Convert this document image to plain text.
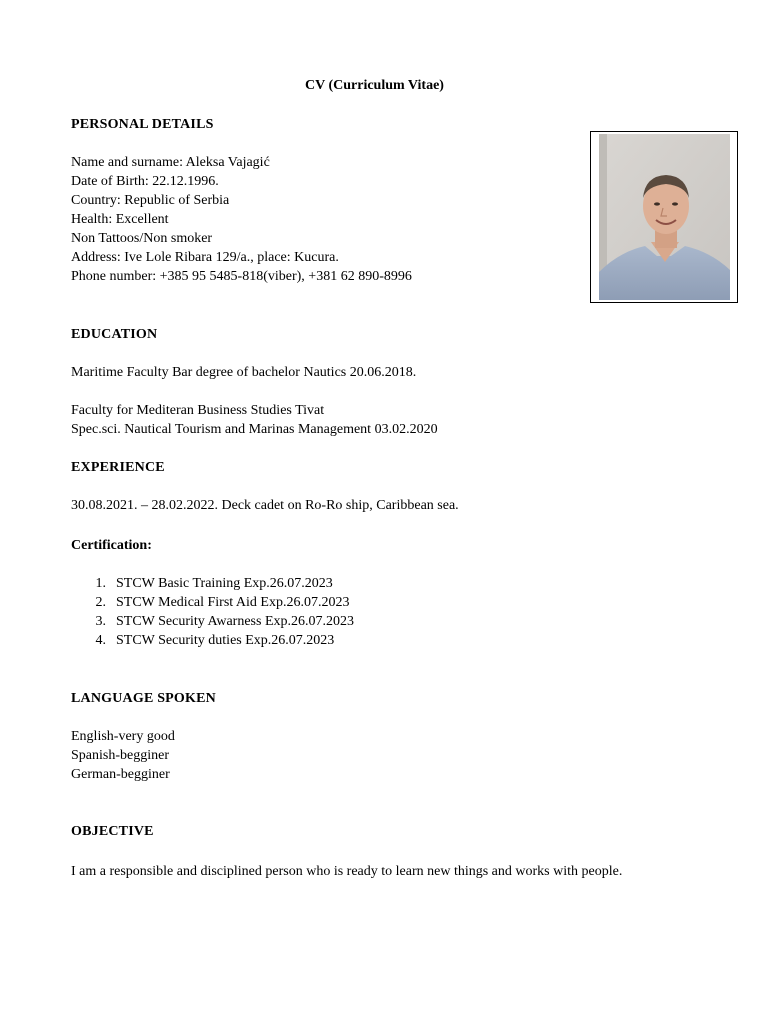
CV (Curriculum Vitae)
PERSONAL DETAILS
Name and surname: Aleksa Vajagić
Date of Birth: 22.12.1996.
Country: Republic of Serbia
Health: Excellent
Non Tattoos/Non smoker
Address: Ive Lole Ribara 129/a., place: Kucura.
Phone number: +385 95 5485-818(viber), +381 62 890-8996
EDUCATION
Maritime Faculty Bar degree of bachelor Nautics 20.06.2018.
Faculty for Mediteran Business Studies Tivat
Spec.sci. Nautical Tourism and Marinas Management 03.02.2020
EXPERIENCE
30.08.2021. – 28.02.2022. Deck cadet on Ro-Ro ship, Caribbean sea.
Certification:
1. STCW Basic Training Exp.26.07.2023
2. STCW Medical First Aid Exp.26.07.2023
3. STCW Security Awarness Exp.26.07.2023
4. STCW Security duties Exp.26.07.2023
LANGUAGE SPOKEN
English-very good
Spanish-begginer
German-begginer
OBJECTIVE
I am a responsible and disciplined person who is ready to learn new things and works with people.
